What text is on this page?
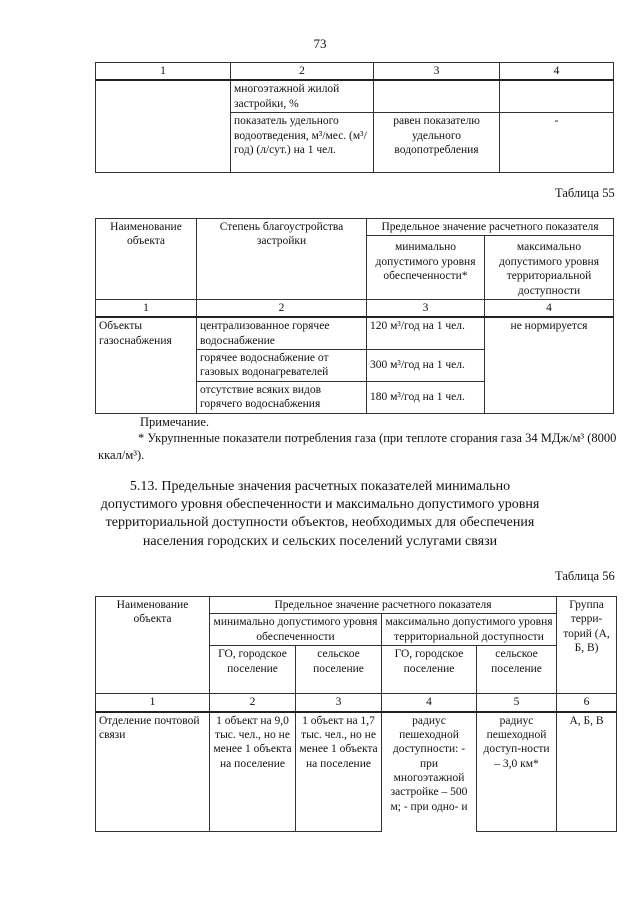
73
1	2	3	4
	многоэтажной жилой застройки, %		
	показатель удельного водоотведения, м³/мес. (м³/год) (л/сут.) на 1 чел.	равен показателю удельного водопотребления	-
Таблица 55
Наименование объекта	Степень благоустройства застройки	Предельное значение расчетного показателя	
		минимально допустимого уровня обеспеченности*	максимально допустимого уровня территориальной доступности
1	2	3	4
Объекты газоснабжения	централизованное горячее водоснабжение	120 м³/год на 1 чел.	не нормируется
	горячее водоснабжение от газовых водонагревателей	300 м³/год на 1 чел.	
	отсутствие всяких видов горячего водоснабжения	180 м³/год на 1 чел.	
Примечание.
* Укрупненные показатели потребления газа (при теплоте сгорания газа 34 МДж/м³ (8000 ккал/м³).
5.13. Предельные значения расчетных показателей минимально допустимого уровня обеспеченности и максимально допустимого уровня территориальной доступности объектов, необходимых для обеспечения населения городских и сельских поселений услугами связи
Таблица 56
Наименование объекта	Предельное значение расчетного показателя				Группа терри-торий (А, Б, В)
	минимально допустимого уровня обеспеченности		максимально допустимого уровня территориальной доступности		
	ГО, городское поселение	сельское поселение	ГО, городское поселение	сельское поселение	
1	2	3	4	5	6
Отделение почтовой связи	1 объект на 9,0 тыс. чел., но не менее 1 объекта на поселение	1 объект на 1,7 тыс. чел., но не менее 1 объекта на поселение	радиус пешеходной доступности: - при многоэтажной застройке – 500 м; - при одно- и	радиус пешеходной доступ-ности – 3,0 км*	А, Б, В
